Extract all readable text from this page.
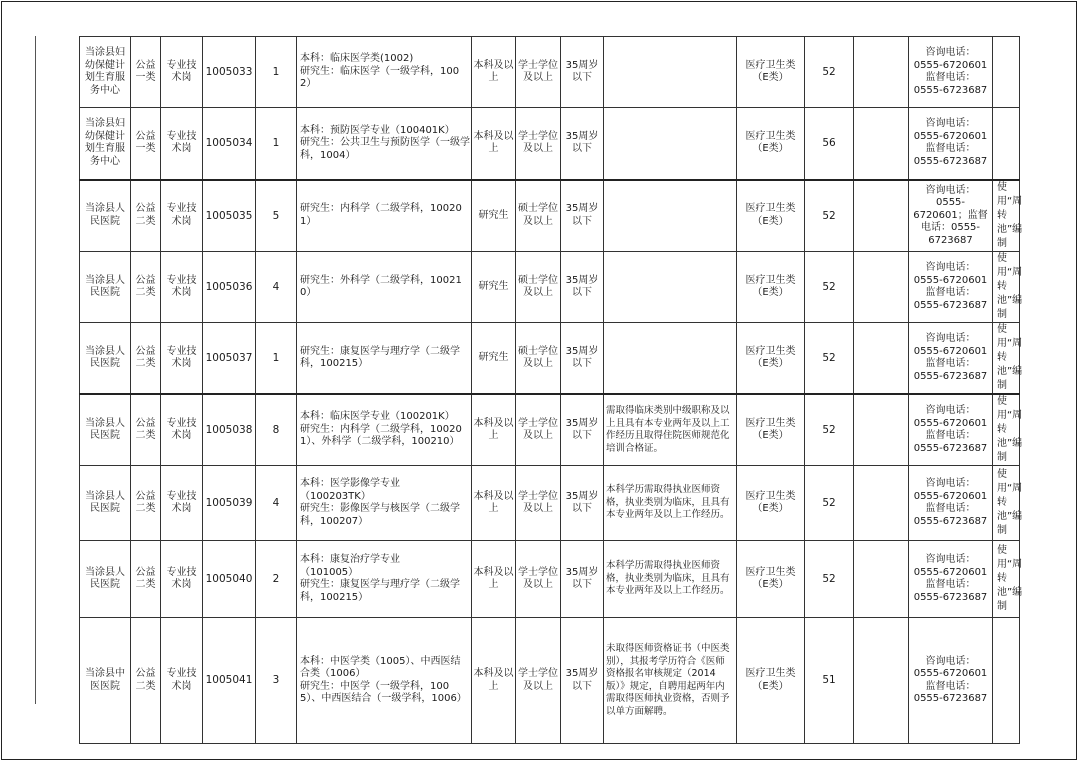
当涂县妇幼保健计划生育服务中心	公益一类	专业技术岗	1005033	1	本科：临床医学类(1002)
研究生：临床医学（一级学科，1002）	本科及以上	学士学位及以上	35周岁以下		医疗卫生类（E类）	52		咨询电话：
0555-6720601
监督电话：
0555-6723687	
当涂县妇幼保健计划生育服务中心	公益一类	专业技术岗	1005034	1	本科：预防医学专业（100401K）
研究生：公共卫生与预防医学（一级学科，1004）	本科及以上	学士学位及以上	35周岁以下		医疗卫生类（E类）	56		咨询电话：
0555-6720601
监督电话：
0555-6723687	
当涂县人民医院	公益二类	专业技术岗	1005035	5	研究生：内科学（二级学科，100201）	研究生	硕士学位及以上	35周岁以下		医疗卫生类（E类）	52		咨询电话：
0555-
6720601；监督电话：0555-
6723687	使用“周转池”编制
当涂县人民医院	公益二类	专业技术岗	1005036	4	研究生：外科学（二级学科，100210）	研究生	硕士学位及以上	35周岁以下		医疗卫生类（E类）	52		咨询电话：
0555-6720601
监督电话：
0555-6723687	使用“周转池”编制
当涂县人民医院	公益二类	专业技术岗	1005037	1	研究生：康复医学与理疗学（二级学科，100215）	研究生	硕士学位及以上	35周岁以下		医疗卫生类（E类）	52		咨询电话：
0555-6720601
监督电话：
0555-6723687	使用“周转池”编制
当涂县人民医院	公益二类	专业技术岗	1005038	8	本科：临床医学专业（100201K）
研究生：内科学（二级学科，100201）、外科学（二级学科，100210）	本科及以上	学士学位及以上	35周岁以下	需取得临床类别中级职称及以上且具有本专业两年及以上工作经历且取得住院医师规范化培训合格证。	医疗卫生类（E类）	52		咨询电话：
0555-6720601
监督电话：
0555-6723687	使用“周转池”编制
当涂县人民医院	公益二类	专业技术岗	1005039	4	本科：医学影像学专业
（100203TK）
研究生：影像医学与核医学（二级学科，100207）	本科及以上	学士学位及以上	35周岁以下	本科学历需取得执业医师资格，执业类别为临床，且具有本专业两年及以上工作经历。	医疗卫生类（E类）	52		咨询电话：
0555-6720601
监督电话：
0555-6723687	使用“周转池”编制
当涂县人民医院	公益二类	专业技术岗	1005040	2	本科：康复治疗学专业
（101005）
研究生：康复医学与理疗学（二级学科，100215）	本科及以上	学士学位及以上	35周岁以下	本科学历需取得执业医师资格，执业类别为临床，且具有本专业两年及以上工作经历。	医疗卫生类（E类）	52		咨询电话：
0555-6720601
监督电话：
0555-6723687	使用“周转池”编制
当涂县中医医院	公益二类	专业技术岗	1005041	3	本科：中医学类（1005）、中西医结合类（1006）
研究生：中医学（一级学科，1005）、中西医结合（一级学科，1006）	本科及以上	学士学位及以上	35周岁以下	未取得医师资格证书（中医类别），其报考学历符合《医师资格报名审核规定（2014版）》规定，自聘用起两年内需取得医师执业资格，否则予以单方面解聘。	医疗卫生类（E类）	51		咨询电话：
0555-6720601
监督电话：
0555-6723687	
